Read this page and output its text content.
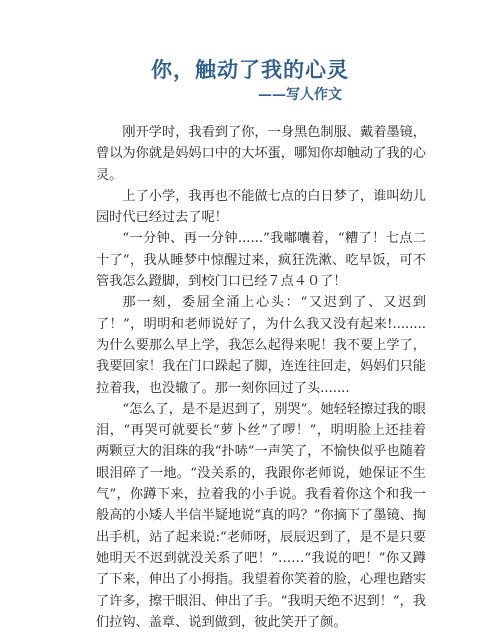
你，触动了我的心灵
——写人作文

刚开学时，我看到了你，一身黑色制服、戴着墨镜，曾以为你就是妈妈口中的大坏蛋，哪知你却触动了我的心灵。

上了小学，我再也不能做七点的白日梦了，谁叫幼儿园时代已经过去了呢！

“一分钟、再一分钟......”我嘟囔着，“糟了！七点二十了”，我从睡梦中惊醒过来，疯狂洗漱、吃早饭，可不管我怎么蹬脚，到校门口已经７点４０了！

那一刻，委屈全涌上心头：“又迟到了、又迟到了！”，明明和老师说好了，为什么我又没有起来!........为什么要那么早上学，我怎么起得来呢！我不要上学了，我要回家！我在门口跺起了脚，连连往回走，妈妈们只能拉着我，也没辙了。那一刻你回过了头.......

“怎么了，是不是迟到了，别哭”。她轻轻擦过我的眼泪，“再哭可就要长“萝卜丝”了啰！”，明明脸上还挂着两颗豆大的泪珠的我“扑哧”一声笑了，不愉快似乎也随着眼泪碎了一地。“没关系的，我跟你老师说，她保证不生气”，你蹲下来，拉着我的小手说。我看着你这个和我一般高的小矮人半信半疑地说“真的吗？”你摘下了墨镜、掏出手机，站了起来说:“老师呀，辰辰迟到了，是不是只要她明天不迟到就没关系了吧！”……“我说的吧！”你又蹲了下来，伸出了小拇指。我望着你笑着的脸，心理也踏实了许多，擦干眼泪、伸出了手。“我明天绝不迟到！”，我们拉钩、盖章、说到做到，彼此笑开了颜。
